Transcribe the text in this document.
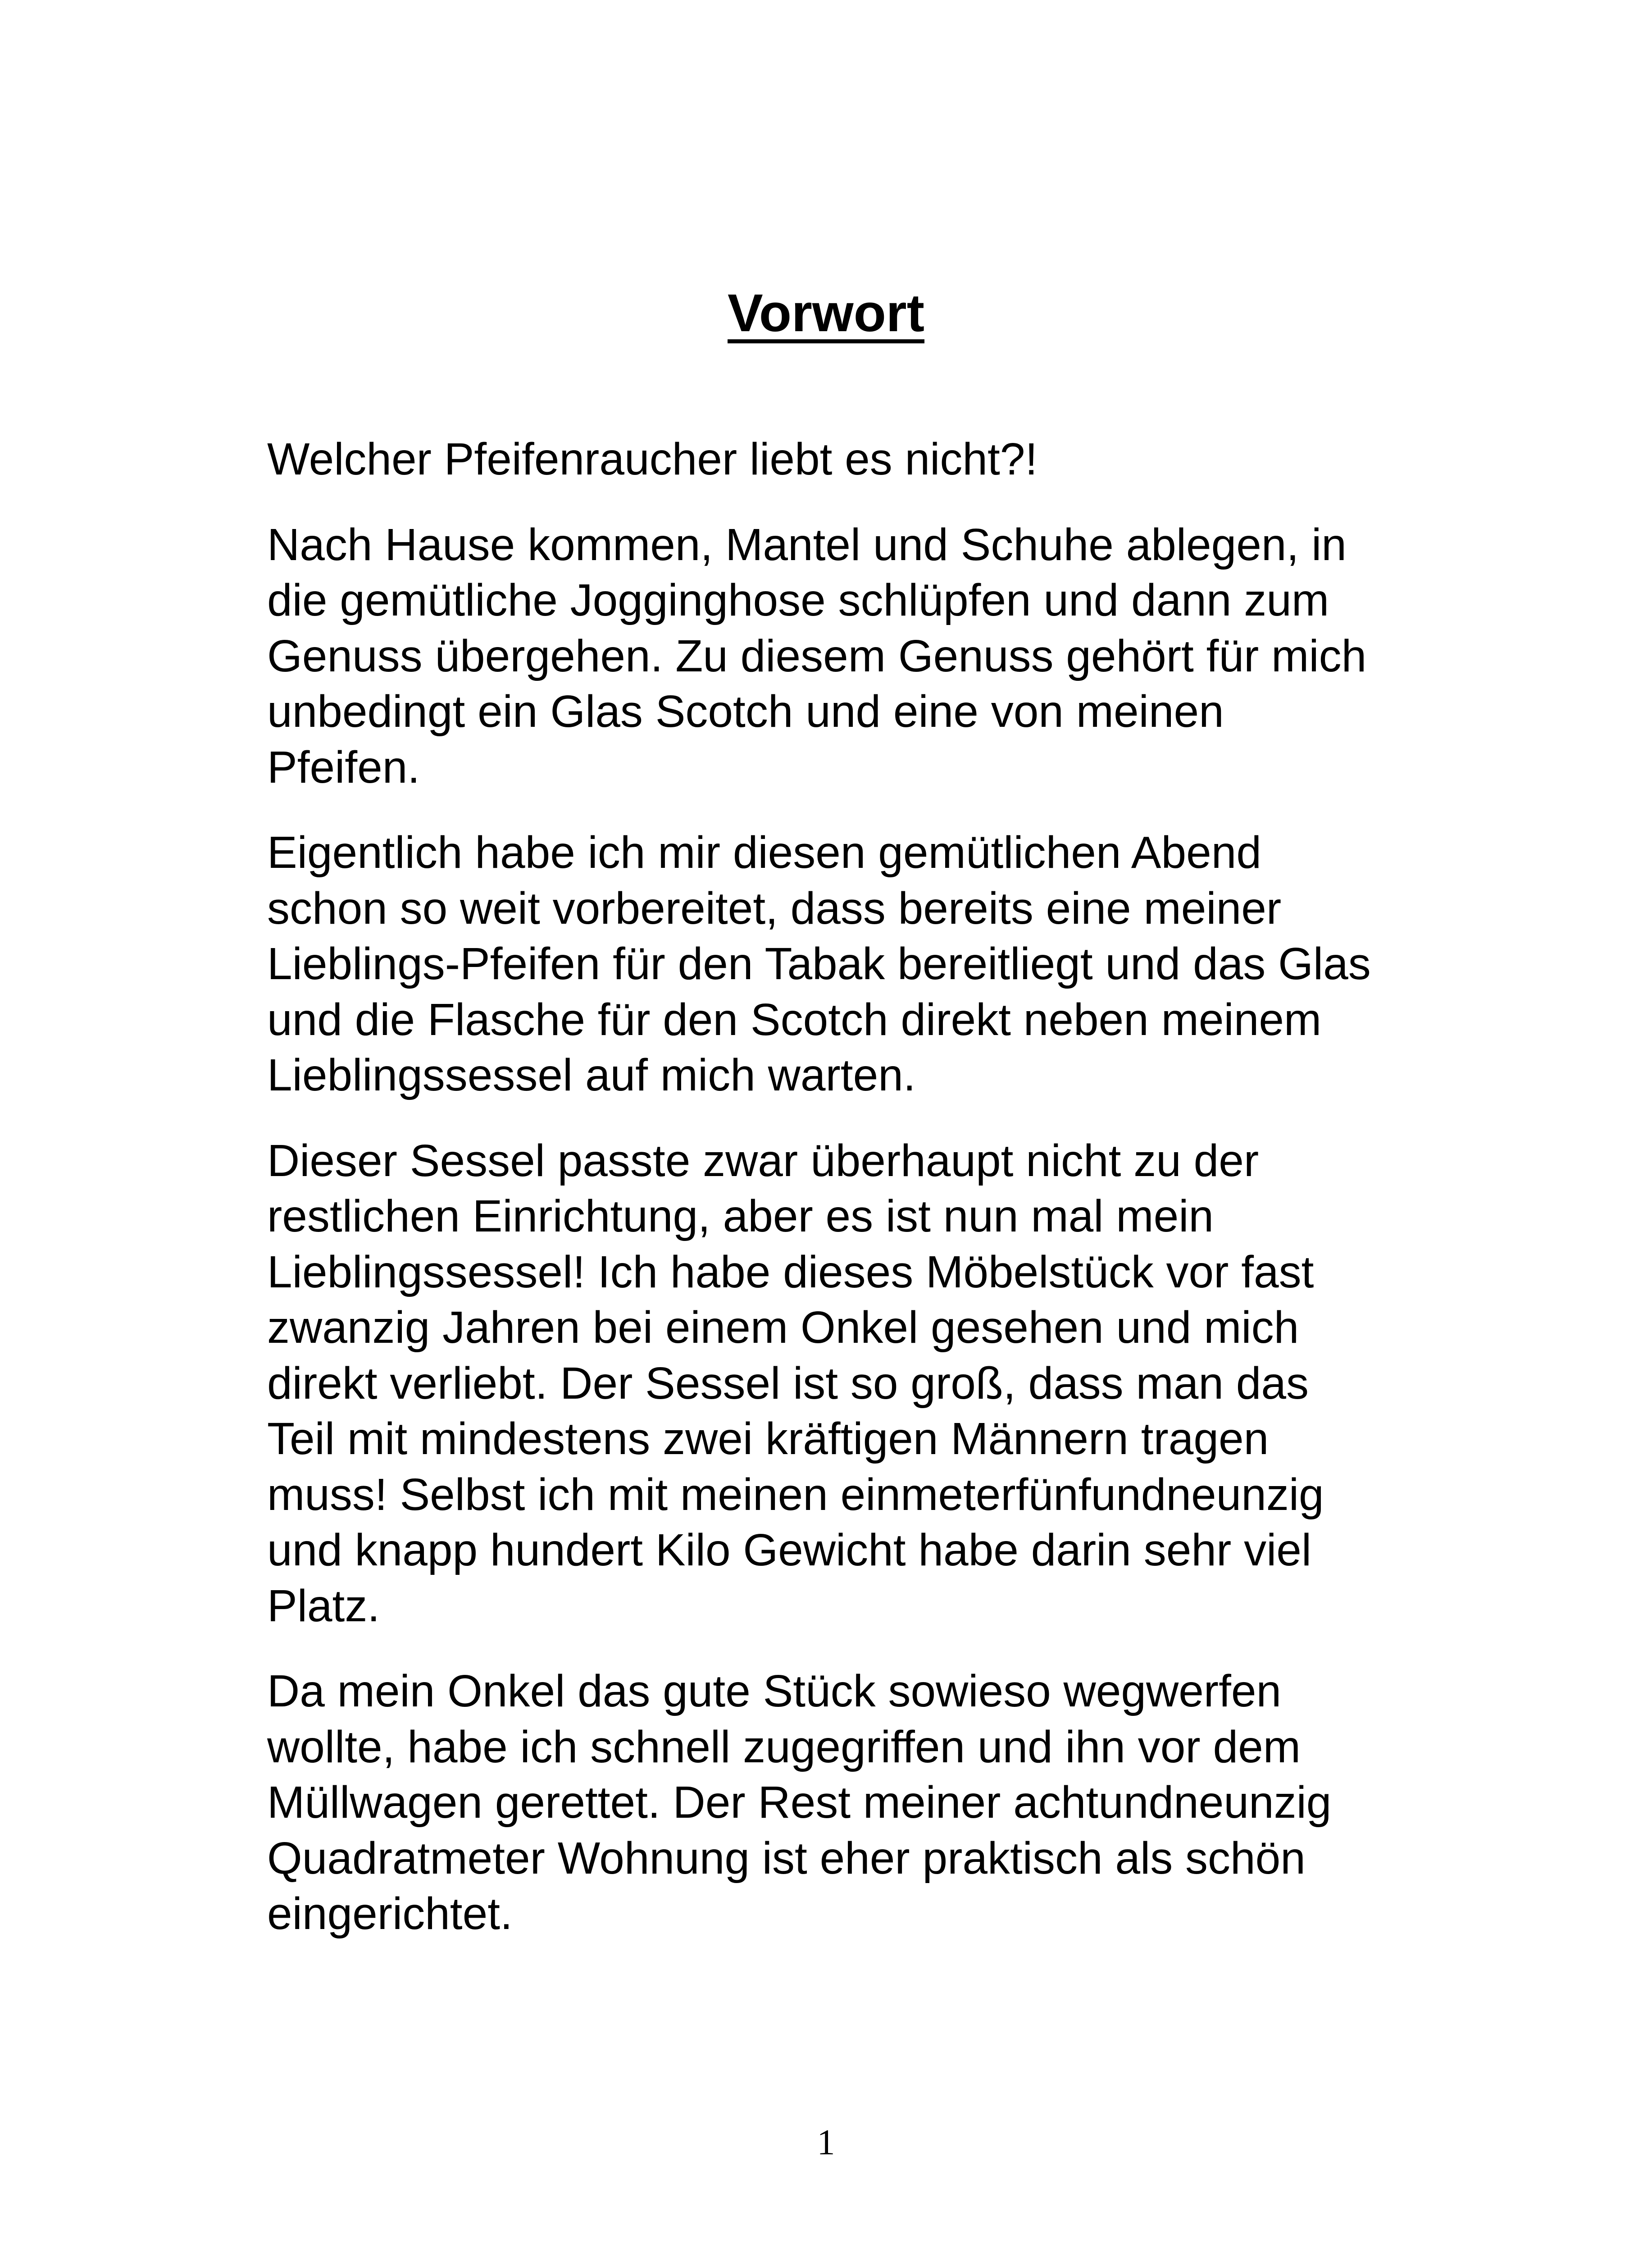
Vorwort

Welcher Pfeifenraucher liebt es nicht?!

Nach Hause kommen, Mantel und Schuhe ablegen, in
die gemütliche Jogginghose schlüpfen und dann zum
Genuss übergehen. Zu diesem Genuss gehört für mich
unbedingt ein Glas Scotch und eine von meinen
Pfeifen.

Eigentlich habe ich mir diesen gemütlichen Abend
schon so weit vorbereitet, dass bereits eine meiner
Lieblings-Pfeifen für den Tabak bereitliegt und das Glas
und die Flasche für den Scotch direkt neben meinem
Lieblingssessel auf mich warten.

Dieser Sessel passte zwar überhaupt nicht zu der
restlichen Einrichtung, aber es ist nun mal mein
Lieblingssessel! Ich habe dieses Möbelstück vor fast
zwanzig Jahren bei einem Onkel gesehen und mich
direkt verliebt. Der Sessel ist so groß, dass man das
Teil mit mindestens zwei kräftigen Männern tragen
muss! Selbst ich mit meinen einmeterfünfundneunzig
und knapp hundert Kilo Gewicht habe darin sehr viel
Platz.

Da mein Onkel das gute Stück sowieso wegwerfen
wollte, habe ich schnell zugegriffen und ihn vor dem
Müllwagen gerettet. Der Rest meiner achtundneunzig
Quadratmeter Wohnung ist eher praktisch als schön
eingerichtet.

1
